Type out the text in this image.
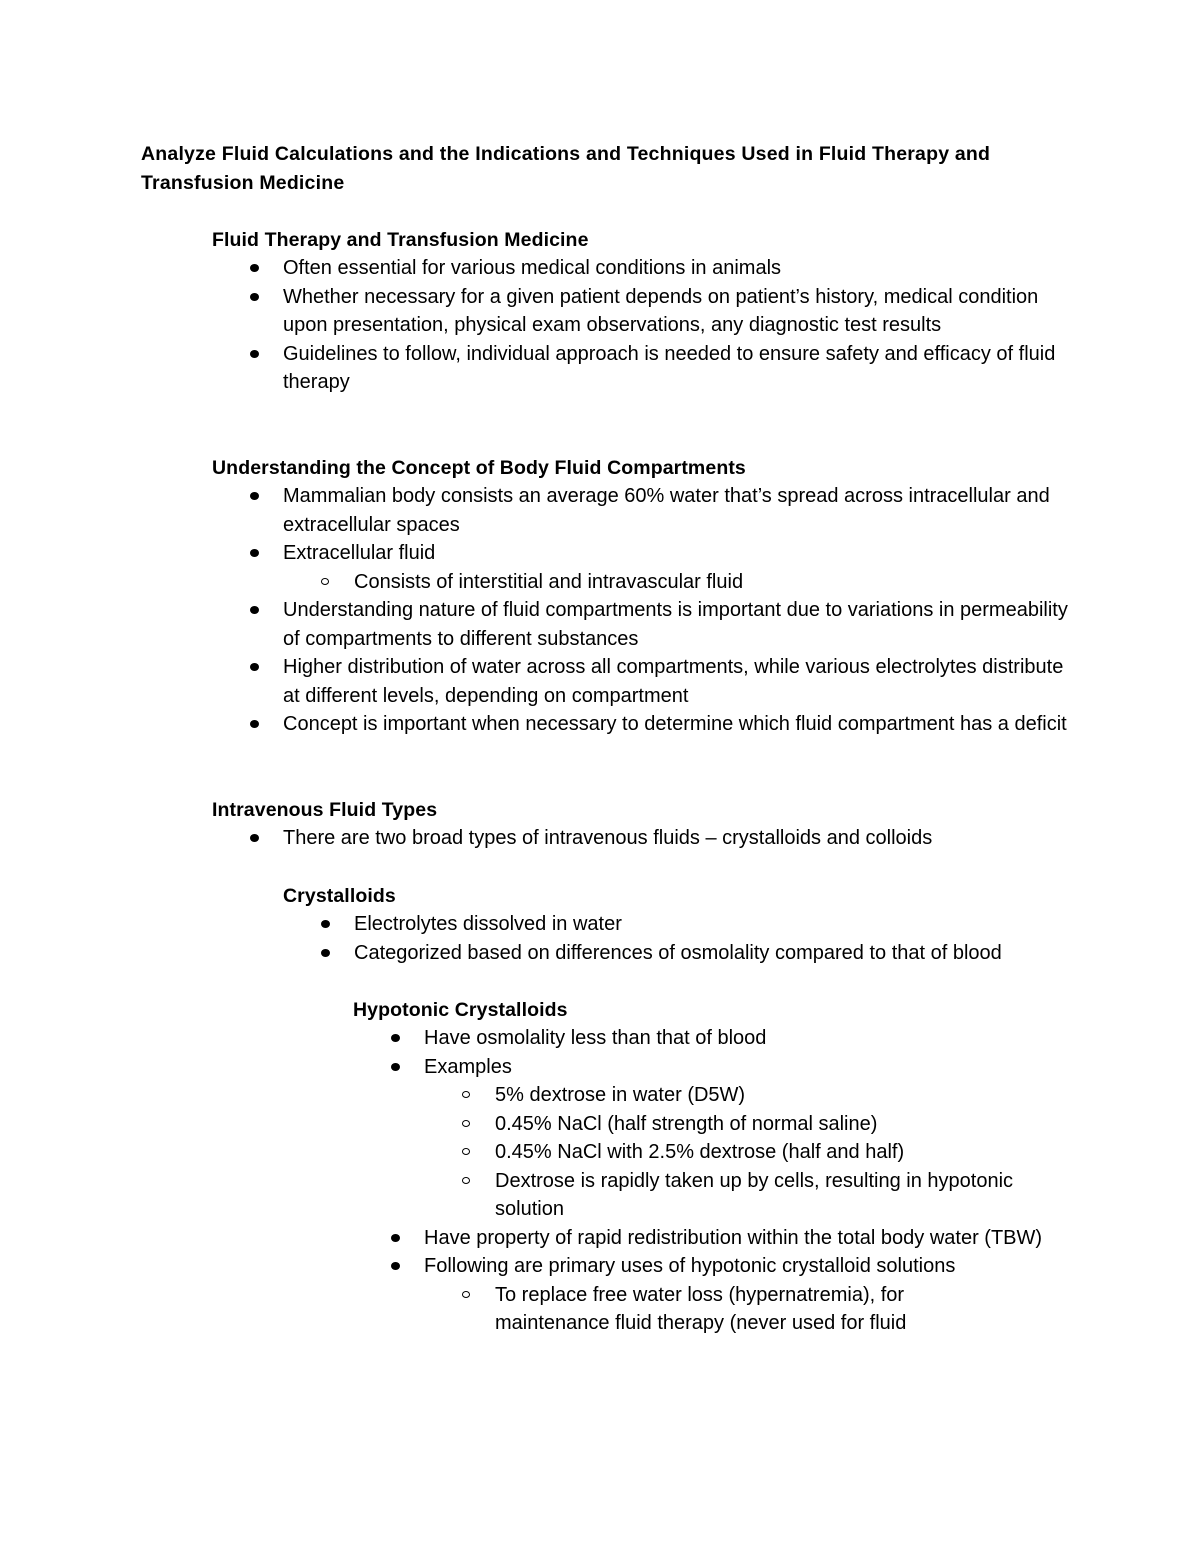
Analyze Fluid Calculations and the Indications and Techniques Used in Fluid Therapy and Transfusion Medicine
Fluid Therapy and Transfusion Medicine
Often essential for various medical conditions in animals
Whether necessary for a given patient depends on patient’s history, medical condition upon presentation, physical exam observations, any diagnostic test results
Guidelines to follow, individual approach is needed to ensure safety and efficacy of fluid therapy
Understanding the Concept of Body Fluid Compartments
Mammalian body consists an average 60% water that’s spread across intracellular and extracellular spaces
Extracellular fluid
Consists of interstitial and intravascular fluid
Understanding nature of fluid compartments is important due to variations in permeability of compartments to different substances
Higher distribution of water across all compartments, while various electrolytes distribute at different levels, depending on compartment
Concept is important when necessary to determine which fluid compartment has a deficit
Intravenous Fluid Types
There are two broad types of intravenous fluids – crystalloids and colloids
Crystalloids
Electrolytes dissolved in water
Categorized based on differences of osmolality compared to that of blood
Hypotonic Crystalloids
Have osmolality less than that of blood
Examples
5% dextrose in water (D5W)
0.45% NaCl (half strength of normal saline)
0.45% NaCl with 2.5% dextrose (half and half)
Dextrose is rapidly taken up by cells, resulting in hypotonic solution
Have property of rapid redistribution within the total body water (TBW)
Following are primary uses of hypotonic crystalloid solutions
To replace free water loss (hypernatremia), for maintenance fluid therapy (never used for fluid
